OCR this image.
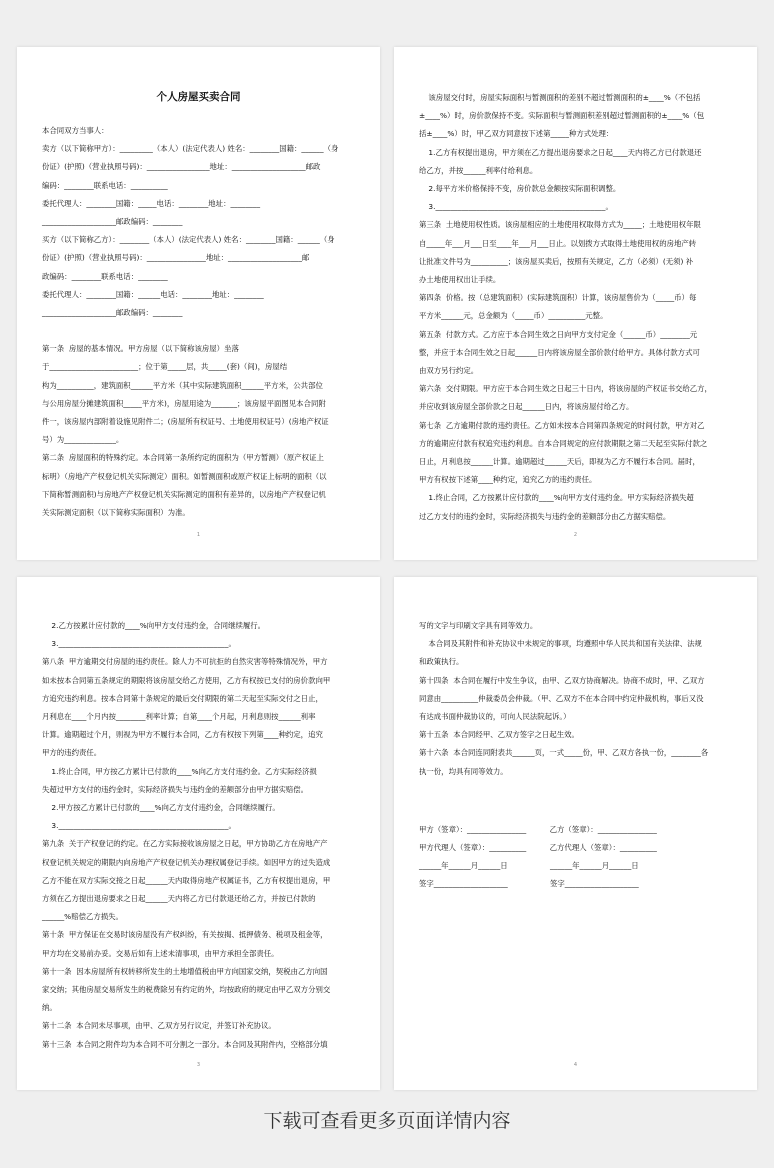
个人房屋买卖合同
本合同双方当事人：
卖方（以下简称甲方）：_________（本人）(法定代表人) 姓名：________国籍：______（身
份证）(护照)（营业执照号码)：_________________地址：____________________邮政
编码：________联系电话：__________
委托代理人：________国籍：_____电话：________地址：________
____________________邮政编码：________
买方（以下简称乙方）：________（本人）(法定代表人) 姓名：________国籍：______（身
份证）(护照)（营业执照号码)：________________地址：____________________邮
政编码：________联系电话：________
委托代理人：________国籍：______电话：________地址：________
____________________邮政编码：________
第一条  房屋的基本情况。甲方房屋（以下简称该房屋）坐落
于________________________；位于第_____层，共_____(套)（间)，房屋结
构为__________，建筑面积______平方米（其中实际建筑面积______平方米，公共部位
与公用房屋分摊建筑面积_____平方米)，房屋用途为_______；该房屋平面图见本合同附
件一，该房屋内部附着设施见附件二；(房屋所有权证号、土地使用权证号）(房地产权证
号）为______________。
第二条  房屋面积的特殊约定。本合同第一条所约定的面积为（甲方暂测）（原产权证上
标明）（房地产产权登记机关实际测定）面积。如暂测面积或原产权证上标明的面积（以
下简称暂测面积)与房地产产权登记机关实际测定的面积有差异的，以房地产产权登记机
关实际测定面积（以下简称实际面积）为准。
1
该房屋交付时，房屋实际面积与暂测面积的差别不超过暂测面积的±____%（不包括
±____%）时，房价款保持不变。实际面积与暂测面积差别超过暂测面积的±____%（包
括±____%）时，甲乙双方同意按下述第_____种方式处理：
1.乙方有权提出退房，甲方须在乙方提出退房要求之日起____天内将乙方已付款退还
给乙方，并按______利率付给利息。
2.每平方米价格保持不变，房价款总金额按实际面积调整。
3.______________________________________________。
第三条  土地使用权性质。该房屋相应的土地使用权取得方式为_____；土地使用权年限
自_____年___月___日至____年___月___日止。以划拨方式取得土地使用权的房地产转
让批准文件号为__________；该房屋买卖后，按照有关规定，乙方（必须）(无须) 补
办土地使用权出让手续。
第四条  价格。按（总建筑面积）(实际建筑面积）计算，该房屋售价为（_____币）每
平方米______元，总金额为（_____币）__________元整。
第五条  付款方式。乙方应于本合同生效之日向甲方支付定金（______币）________元
整，并应于本合同生效之日起______日内将该房屋全部价款付给甲方。具体付款方式可
由双方另行约定。
第六条  交付期限。甲方应于本合同生效之日起三十日内，将该房屋的产权证书交给乙方，
并应收到该房屋全部价款之日起______日内，将该房屋付给乙方。
第七条  乙方逾期付款的违约责任。乙方如未按本合同第四条规定的时间付款，甲方对乙
方的逾期应付款有权追究违约利息。自本合同规定的应付款期限之第二天起至实际付款之
日止，月利息按______计算。逾期超过______天后，即视为乙方不履行本合同。届时，
甲方有权按下述第____种约定，追究乙方的违约责任。
1.终止合同，乙方按累计应付款的____%向甲方支付违约金。甲方实际经济损失超
过乙方支付的违约金时，实际经济损失与违约金的差额部分由乙方据实赔偿。
2
2.乙方按累计应付款的____%向甲方支付违约金，合同继续履行。
3.______________________________________________。
第八条  甲方逾期交付房屋的违约责任。除人力不可抗拒的自然灾害等特殊情况外，甲方
如未按本合同第五条规定的期限将该房屋交给乙方使用，乙方有权按已支付的房价款向甲
方追究违约利息。按本合同第十条规定的最后交付期限的第二天起至实际交付之日止，
月利息在____个月内按________利率计算；自第____个月起，月利息则按______利率
计算。逾期超过个月，则视为甲方不履行本合同，乙方有权按下列第____种约定，追究
甲方的违约责任。
1.终止合同，甲方按乙方累计已付款的____%向乙方支付违约金。乙方实际经济损
失超过甲方支付的违约金时，实际经济损失与违约金的差额部分由甲方据实赔偿。
2.甲方按乙方累计已付款的____%向乙方支付违约金，合同继续履行。
3.______________________________________________。
第九条  关于产权登记的约定。在乙方实际接收该房屋之日起，甲方协助乙方在房地产产
权登记机关规定的期限内向房地产产权登记机关办理权属登记手续。如因甲方的过失造成
乙方不能在双方实际交接之日起______天内取得房地产权属证书，乙方有权提出退房，甲
方须在乙方提出退房要求之日起______天内将乙方已付款退还给乙方，并按已付款的
______%赔偿乙方损失。
第十条  甲方保证在交易时该房屋没有产权纠纷，有关按揭、抵押债务、税项及租金等，
甲方均在交易前办妥。交易后如有上述未清事项，由甲方承担全部责任。
第十一条  因本房屋所有权转移所发生的土地增值税由甲方向国家交纳，契税由乙方向国
家交纳；其他房屋交易所发生的税费除另有约定的外，均按政府的规定由甲乙双方分别交
纳。
第十二条  本合同未尽事项，由甲、乙双方另行议定，并签订补充协议。
第十三条  本合同之附件均为本合同不可分割之一部分。本合同及其附件内，空格部分填
3
写的文字与印刷文字具有同等效力。
本合同及其附件和补充协议中未规定的事项，均遵照中华人民共和国有关法律、法规
和政策执行。
第十四条  本合同在履行中发生争议，由甲、乙双方协商解决。协商不成时，甲、乙双方
同意由__________仲裁委员会仲裁。（甲、乙双方不在本合同中约定仲裁机构，事后又没
有达成书面仲裁协议的，可向人民法院起诉。）
第十五条  本合同经甲、乙双方签字之日起生效。
第十六条  本合同连同附表共______页，一式_____份，甲、乙双方各执一份，________各
执一份，均具有同等效力。
甲方（签章）：________________          乙方（签章）：________________
甲方代理人（签章）：__________          乙方代理人（签章）：__________
______年______月______日                  ______年______月______日
签字____________________                  签字____________________
4
下载可查看更多页面详情内容
